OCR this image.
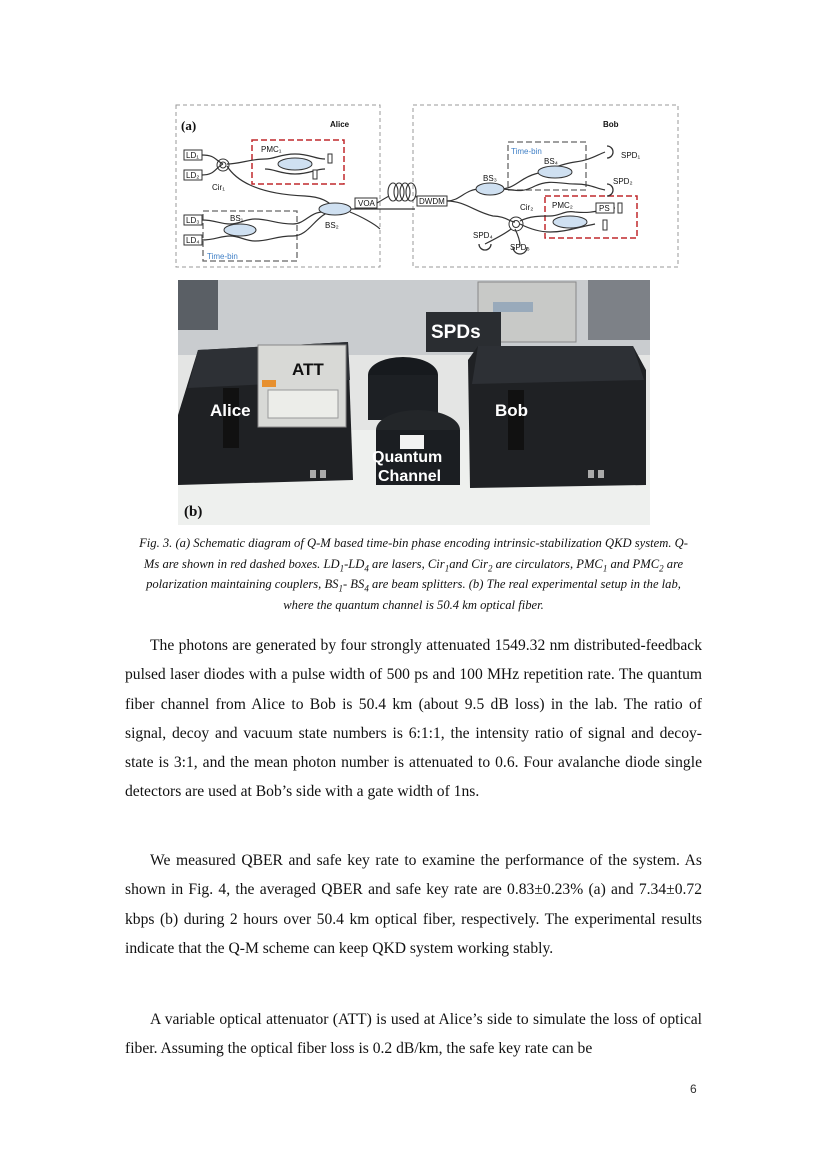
(a)	Alice	Bob
LD₁
LD₂
LD₃
LD₄
Cir₁
PMC₁
BS₁
BS₂
Time-bin
VOA	DWDM
Cir₂
BS₃
BS₄
PMC₂
Time-bin
PS
SPD₁
SPD₂
SPD₃
SPD₄
SPDs
Alice
ATT
Quantum
Channel
Bob
(b)
Fig. 3. (a) Schematic diagram of Q-M based time-bin phase encoding intrinsic-stabilization QKD system. Q-Ms are shown in red dashed boxes. $LD_1-LD_4$ are lasers, Cir$_1$and Cir$_2$ are circulators, $PMC_1$ and $PMC_2$ are polarization maintaining couplers, $BS_1-$ $BS_4$ are beam splitters. (b) The real experimental setup in the lab, where the quantum channel is 50.4 km optical fiber.

The photons are generated by four strongly attenuated 1549.32 nm distributed-feedback pulsed laser diodes with a pulse width of 500 ps and 100 MHz repetition rate. The quantum fiber channel from Alice to Bob is 50.4 km (about 9.5 dB loss) in the lab. The ratio of signal, decoy and vacuum state numbers is 6:1:1, the intensity ratio of signal and decoy-state is 3:1, and the mean photon number is attenuated to 0.6. Four avalanche diode single detectors are used at Bob’s side with a gate width of 1ns.

We measured QBER and safe key rate to examine the performance of the system. As shown in Fig. 4, the averaged QBER and safe key rate are 0.83±0.23% (a) and 7.34±0.72 kbps (b) during 2 hours over 50.4 km optical fiber, respectively. The experimental results indicate that the Q-M scheme can keep QKD system working stably.

A variable optical attenuator (ATT) is used at Alice’s side to simulate the loss of optical fiber. Assuming the optical fiber loss is 0.2 dB/km, the safe key rate can be

6
